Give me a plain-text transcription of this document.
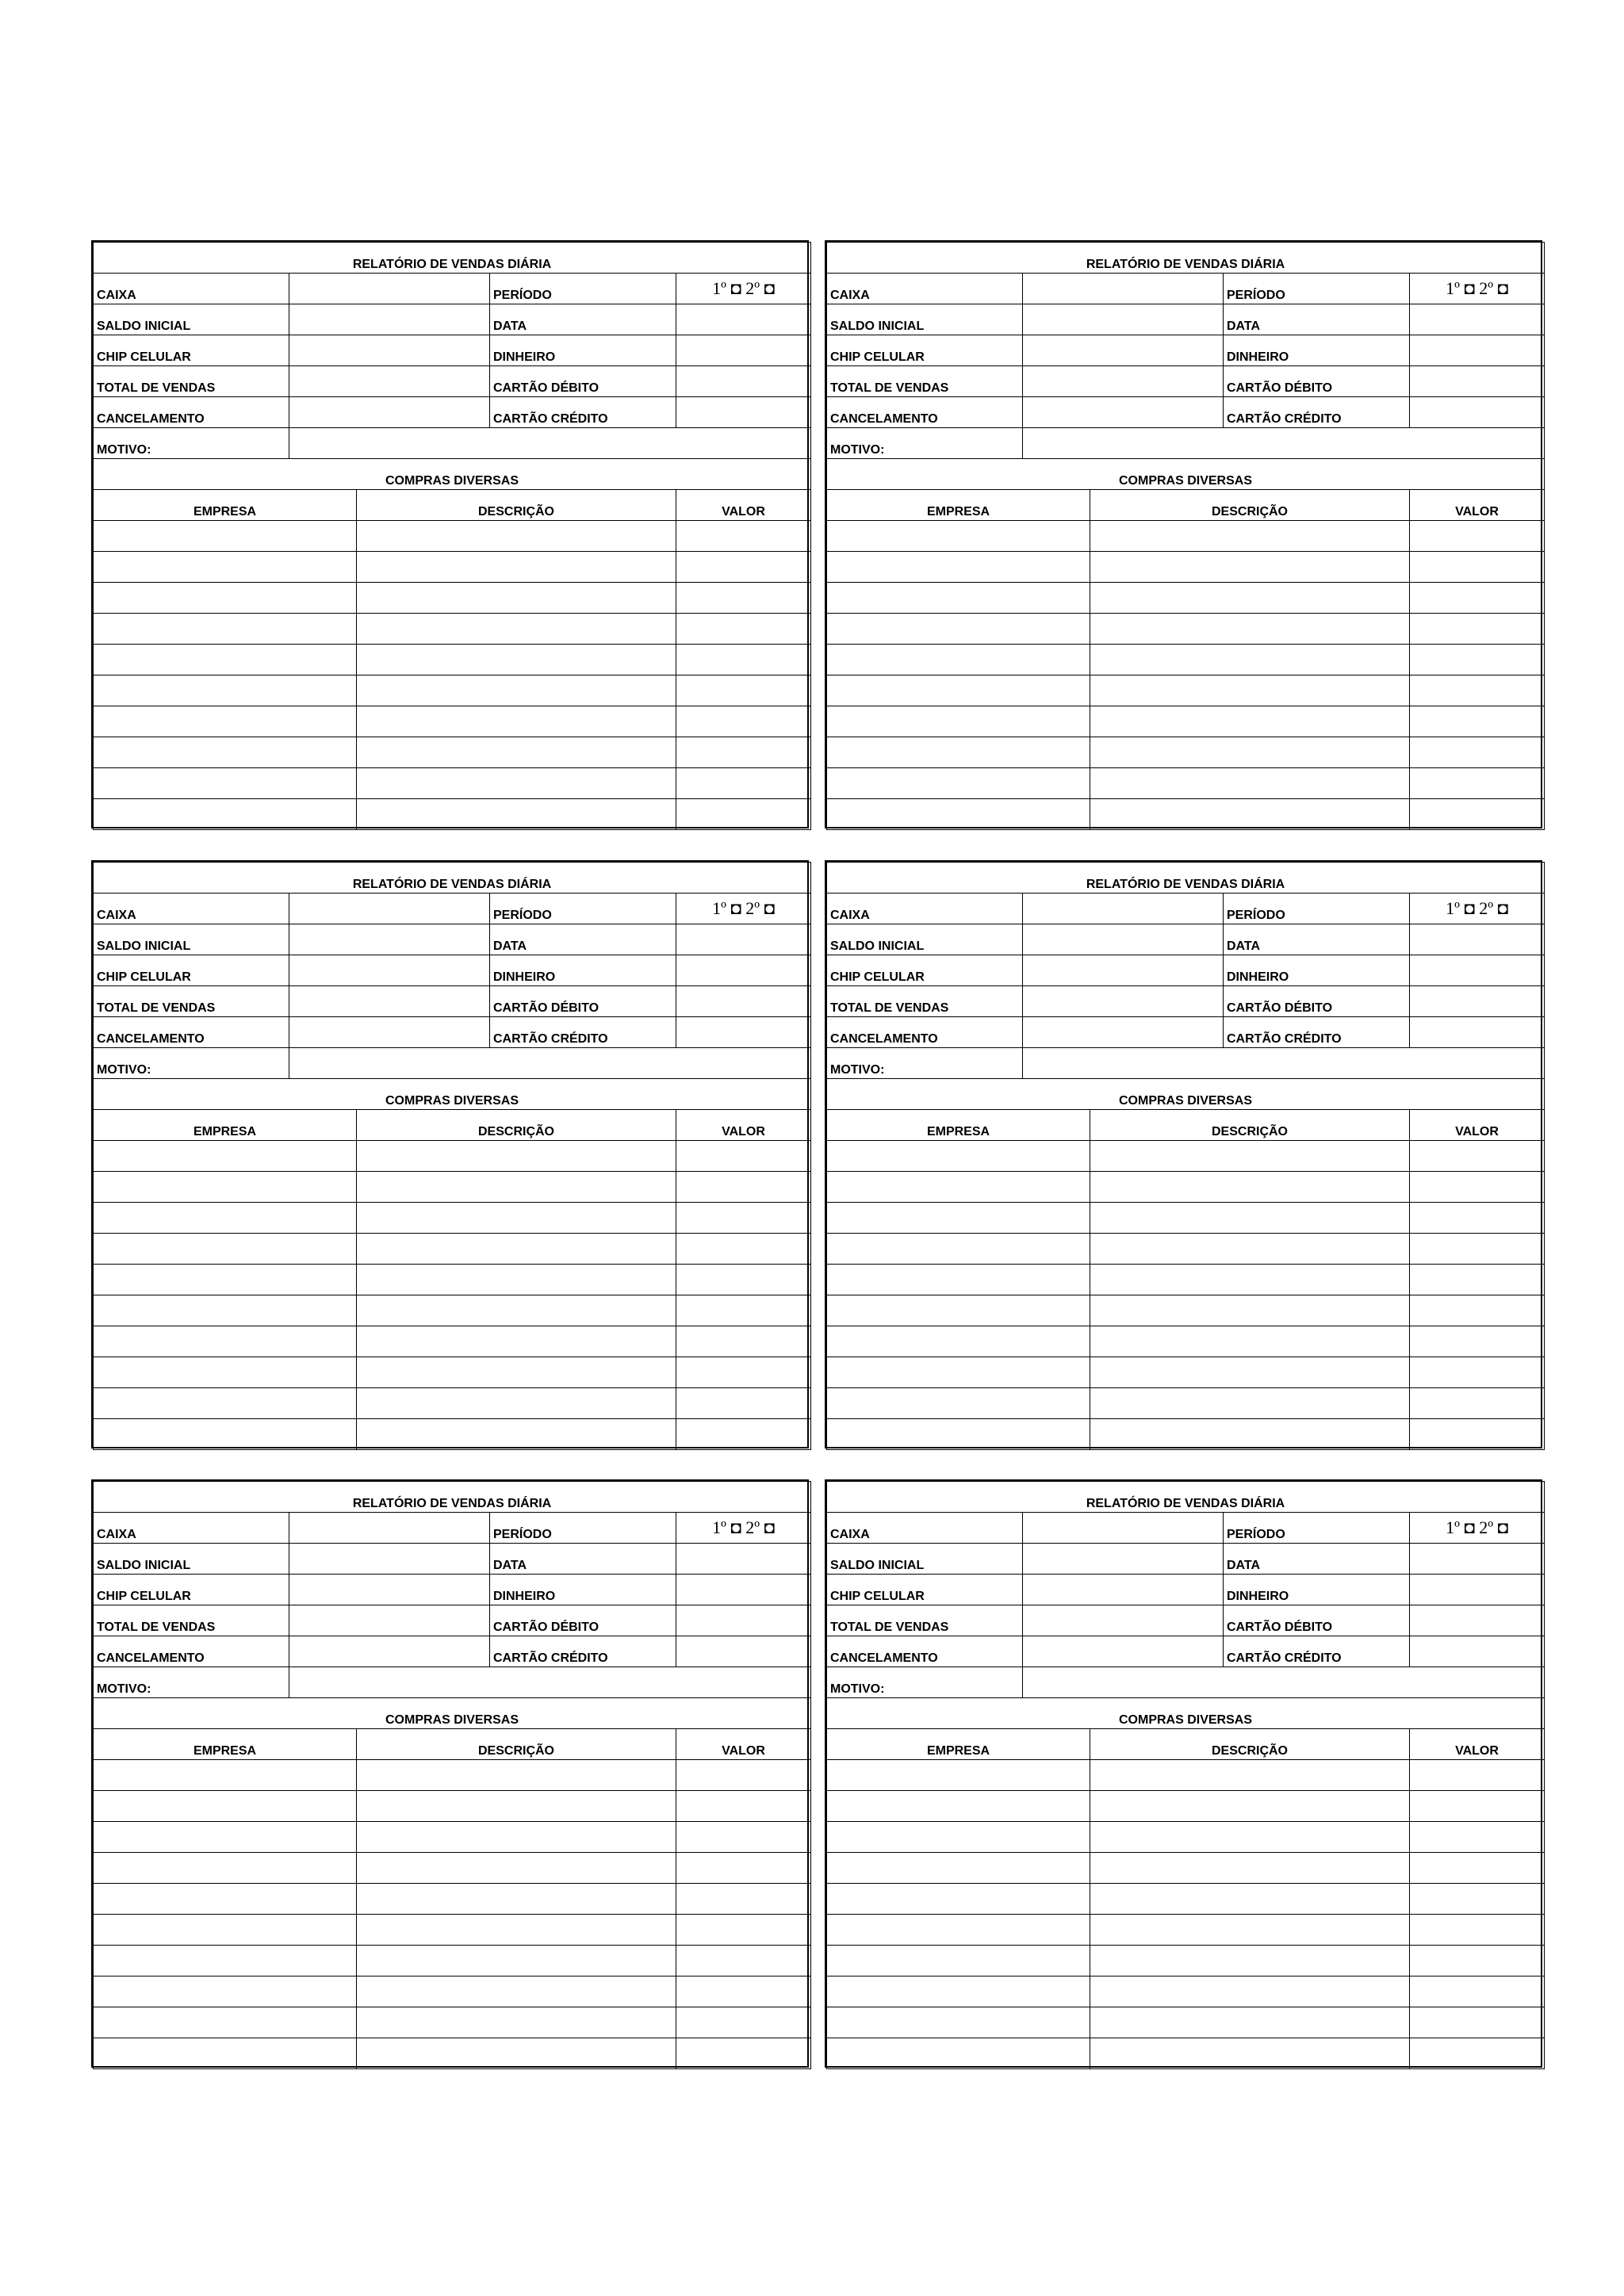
RELATÓRIO DE VENDAS DIÁRIA				
CAIXA			PERÍODO	1º ◘ 2º ◘
SALDO INICIAL			DATA	
CHIP CELULAR			DINHEIRO	
TOTAL DE VENDAS			CARTÃO DÉBITO	
CANCELAMENTO			CARTÃO CRÉDITO	
MOTIVO:				
COMPRAS DIVERSAS				
EMPRESA		DESCRIÇÃO		VALOR

RELATÓRIO DE VENDAS DIÁRIA				
CAIXA			PERÍODO	1º ◘ 2º ◘
SALDO INICIAL			DATA	
CHIP CELULAR			DINHEIRO	
TOTAL DE VENDAS			CARTÃO DÉBITO	
CANCELAMENTO			CARTÃO CRÉDITO	
MOTIVO:				
COMPRAS DIVERSAS				
EMPRESA		DESCRIÇÃO		VALOR

RELATÓRIO DE VENDAS DIÁRIA				
CAIXA			PERÍODO	1º ◘ 2º ◘
SALDO INICIAL			DATA	
CHIP CELULAR			DINHEIRO	
TOTAL DE VENDAS			CARTÃO DÉBITO	
CANCELAMENTO			CARTÃO CRÉDITO	
MOTIVO:				
COMPRAS DIVERSAS				
EMPRESA		DESCRIÇÃO		VALOR

RELATÓRIO DE VENDAS DIÁRIA				
CAIXA			PERÍODO	1º ◘ 2º ◘
SALDO INICIAL			DATA	
CHIP CELULAR			DINHEIRO	
TOTAL DE VENDAS			CARTÃO DÉBITO	
CANCELAMENTO			CARTÃO CRÉDITO	
MOTIVO:				
COMPRAS DIVERSAS				
EMPRESA		DESCRIÇÃO		VALOR

RELATÓRIO DE VENDAS DIÁRIA				
CAIXA			PERÍODO	1º ◘ 2º ◘
SALDO INICIAL			DATA	
CHIP CELULAR			DINHEIRO	
TOTAL DE VENDAS			CARTÃO DÉBITO	
CANCELAMENTO			CARTÃO CRÉDITO	
MOTIVO:				
COMPRAS DIVERSAS				
EMPRESA		DESCRIÇÃO		VALOR

RELATÓRIO DE VENDAS DIÁRIA				
CAIXA			PERÍODO	1º ◘ 2º ◘
SALDO INICIAL			DATA	
CHIP CELULAR			DINHEIRO	
TOTAL DE VENDAS			CARTÃO DÉBITO	
CANCELAMENTO			CARTÃO CRÉDITO	
MOTIVO:				
COMPRAS DIVERSAS				
EMPRESA		DESCRIÇÃO		VALOR
